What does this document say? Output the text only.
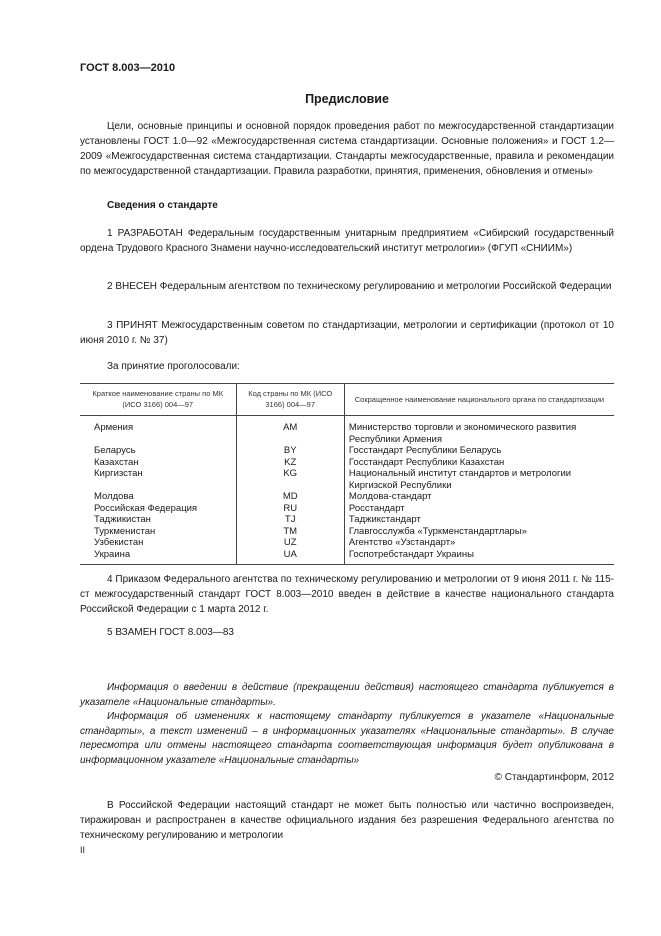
ГОСТ 8.003—2010
Предисловие
Цели, основные принципы и основной порядок проведения работ по межгосударственной стандартизации установлены ГОСТ 1.0—92 «Межгосударственная система стандартизации. Основные положения» и ГОСТ 1.2—2009 «Межгосударственная система стандартизации. Стандарты межгосударственные, правила и рекомендации по межгосударственной стандартизации. Правила разработки, принятия, применения, обновления и отмены»
Сведения о стандарте
1 РАЗРАБОТАН Федеральным государственным унитарным предприятием «Сибирский государственный ордена Трудового Красного Знамени научно-исследовательский институт метрологии» (ФГУП «СНИИМ»)
2 ВНЕСЕН Федеральным агентством по техническому регулированию и метрологии Российской Федерации
3 ПРИНЯТ Межгосударственным советом по стандартизации, метрологии и сертификации (протокол от 10 июня 2010 г. № 37)
За принятие проголосовали:
Краткое наименование страны по МК (ИСО 3166) 004—97	Код страны по МК (ИСО 3166) 004—97	Сокращенное наименование национального органа по стандартизации
Армения	AM	Министерство торговли и экономического развития Республики Армения
Беларусь	BY	Госстандарт Республики Беларусь
Казахстан	KZ	Госстандарт Республики Казахстан
Киргизстан	KG	Национальный институт стандартов и метрологии Киргизской Республики
Молдова	MD	Молдова-стандарт
Российская Федерация	RU	Росстандарт
Таджикистан	TJ	Таджикстандарт
Туркменистан	TM	Главгосслужба «Туркменстандартлары»
Узбекистан	UZ	Агентство «Узстандарт»
Украина	UA	Госпотребстандарт Украины
4 Приказом Федерального агентства по техническому регулированию и метрологии от 9 июня 2011 г. № 115-ст межгосударственный стандарт ГОСТ 8.003—2010 введен в действие в качестве национального стандарта Российской Федерации с 1 марта 2012 г.
5 ВЗАМЕН ГОСТ 8.003—83

Информация о введении в действие (прекращении действия) настоящего стандарта публикуется в указателе «Национальные стандарты».

Информация об изменениях к настоящему стандарту публикуется в указателе «Национальные стандарты», а текст изменений – в информационных указателях «Национальные стандарты». В случае пересмотра или отмены настоящего стандарта соответствующая информация будет опубликована в информационном указателе «Национальные стандарты»

© Стандартинформ, 2012
В Российской Федерации настоящий стандарт не может быть полностью или частично воспроизведен, тиражирован и распространен в качестве официального издания без разрешения Федерального агентства по техническому регулированию и метрологии
II
